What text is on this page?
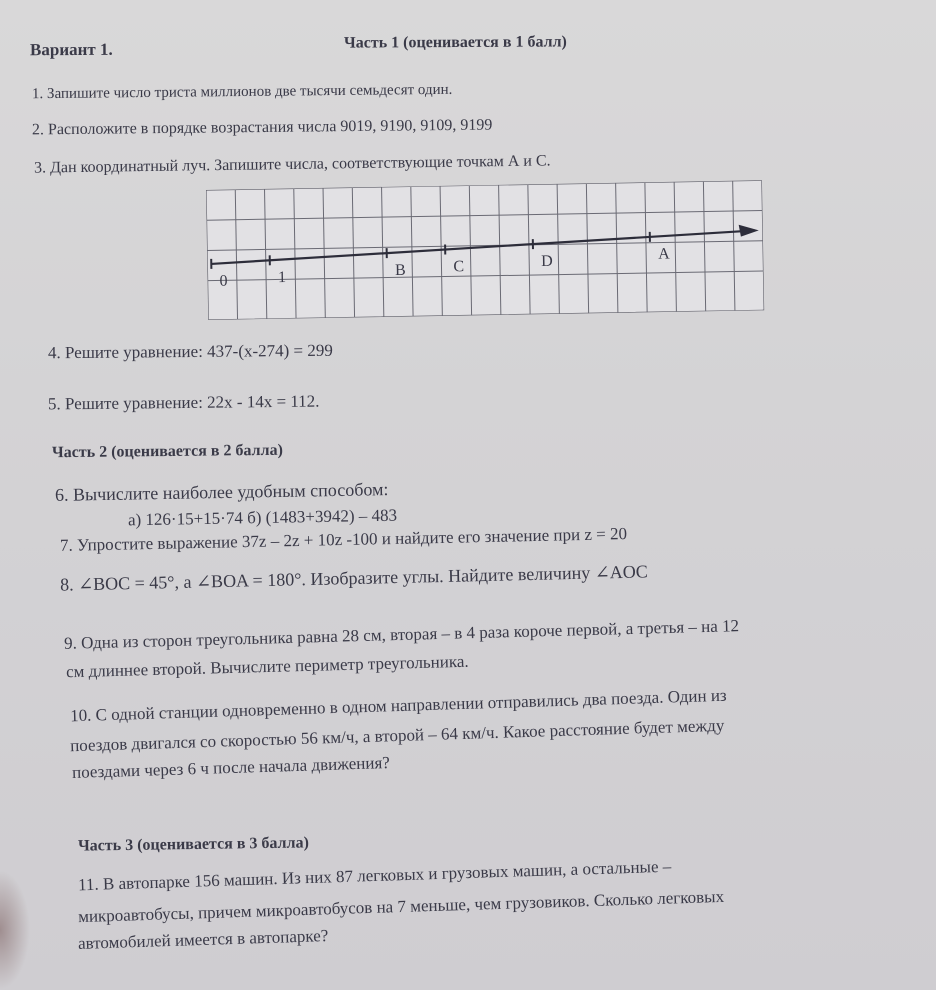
Вариант 1.	Часть 1 (оценивается в 1 балл)
1. Запишите число триста миллионов две тысячи семьдесят один.
2. Расположите в порядке возрастания числа 9019, 9190, 9109, 9199
3. Дан координатный луч. Запишите числа, соответствующие точкам А и С.
0	1	B	C	D	A
4. Решите уравнение: 437-(x-274) = 299
5. Решите уравнение: 22x - 14x = 112.
Часть 2 (оценивается в 2 балла)
6. Вычислите наиболее удобным способом:
а) 126·15+15·74 б) (1483+3942) – 483
7. Упростите выражение 37z – 2z + 10z -100 и найдите его значение при z = 20
8. ∠BOC = 45°, а ∠BOA = 180°. Изобразите углы. Найдите величину ∠AOC
9. Одна из сторон треугольника равна 28 см, вторая – в 4 раза короче первой, а третья – на 12
см длиннее второй. Вычислите периметр треугольника.
10. С одной станции одновременно в одном направлении отправились два поезда. Один из
поездов двигался со скоростью 56 км/ч, а второй – 64 км/ч. Какое расстояние будет между
поездами через 6 ч после начала движения?
Часть 3 (оценивается в 3 балла)
11. В автопарке 156 машин. Из них 87 легковых и грузовых машин, а остальные –
микроавтобусы, причем микроавтобусов на 7 меньше, чем грузовиков. Сколько легковых
автомобилей имеется в автопарке?
